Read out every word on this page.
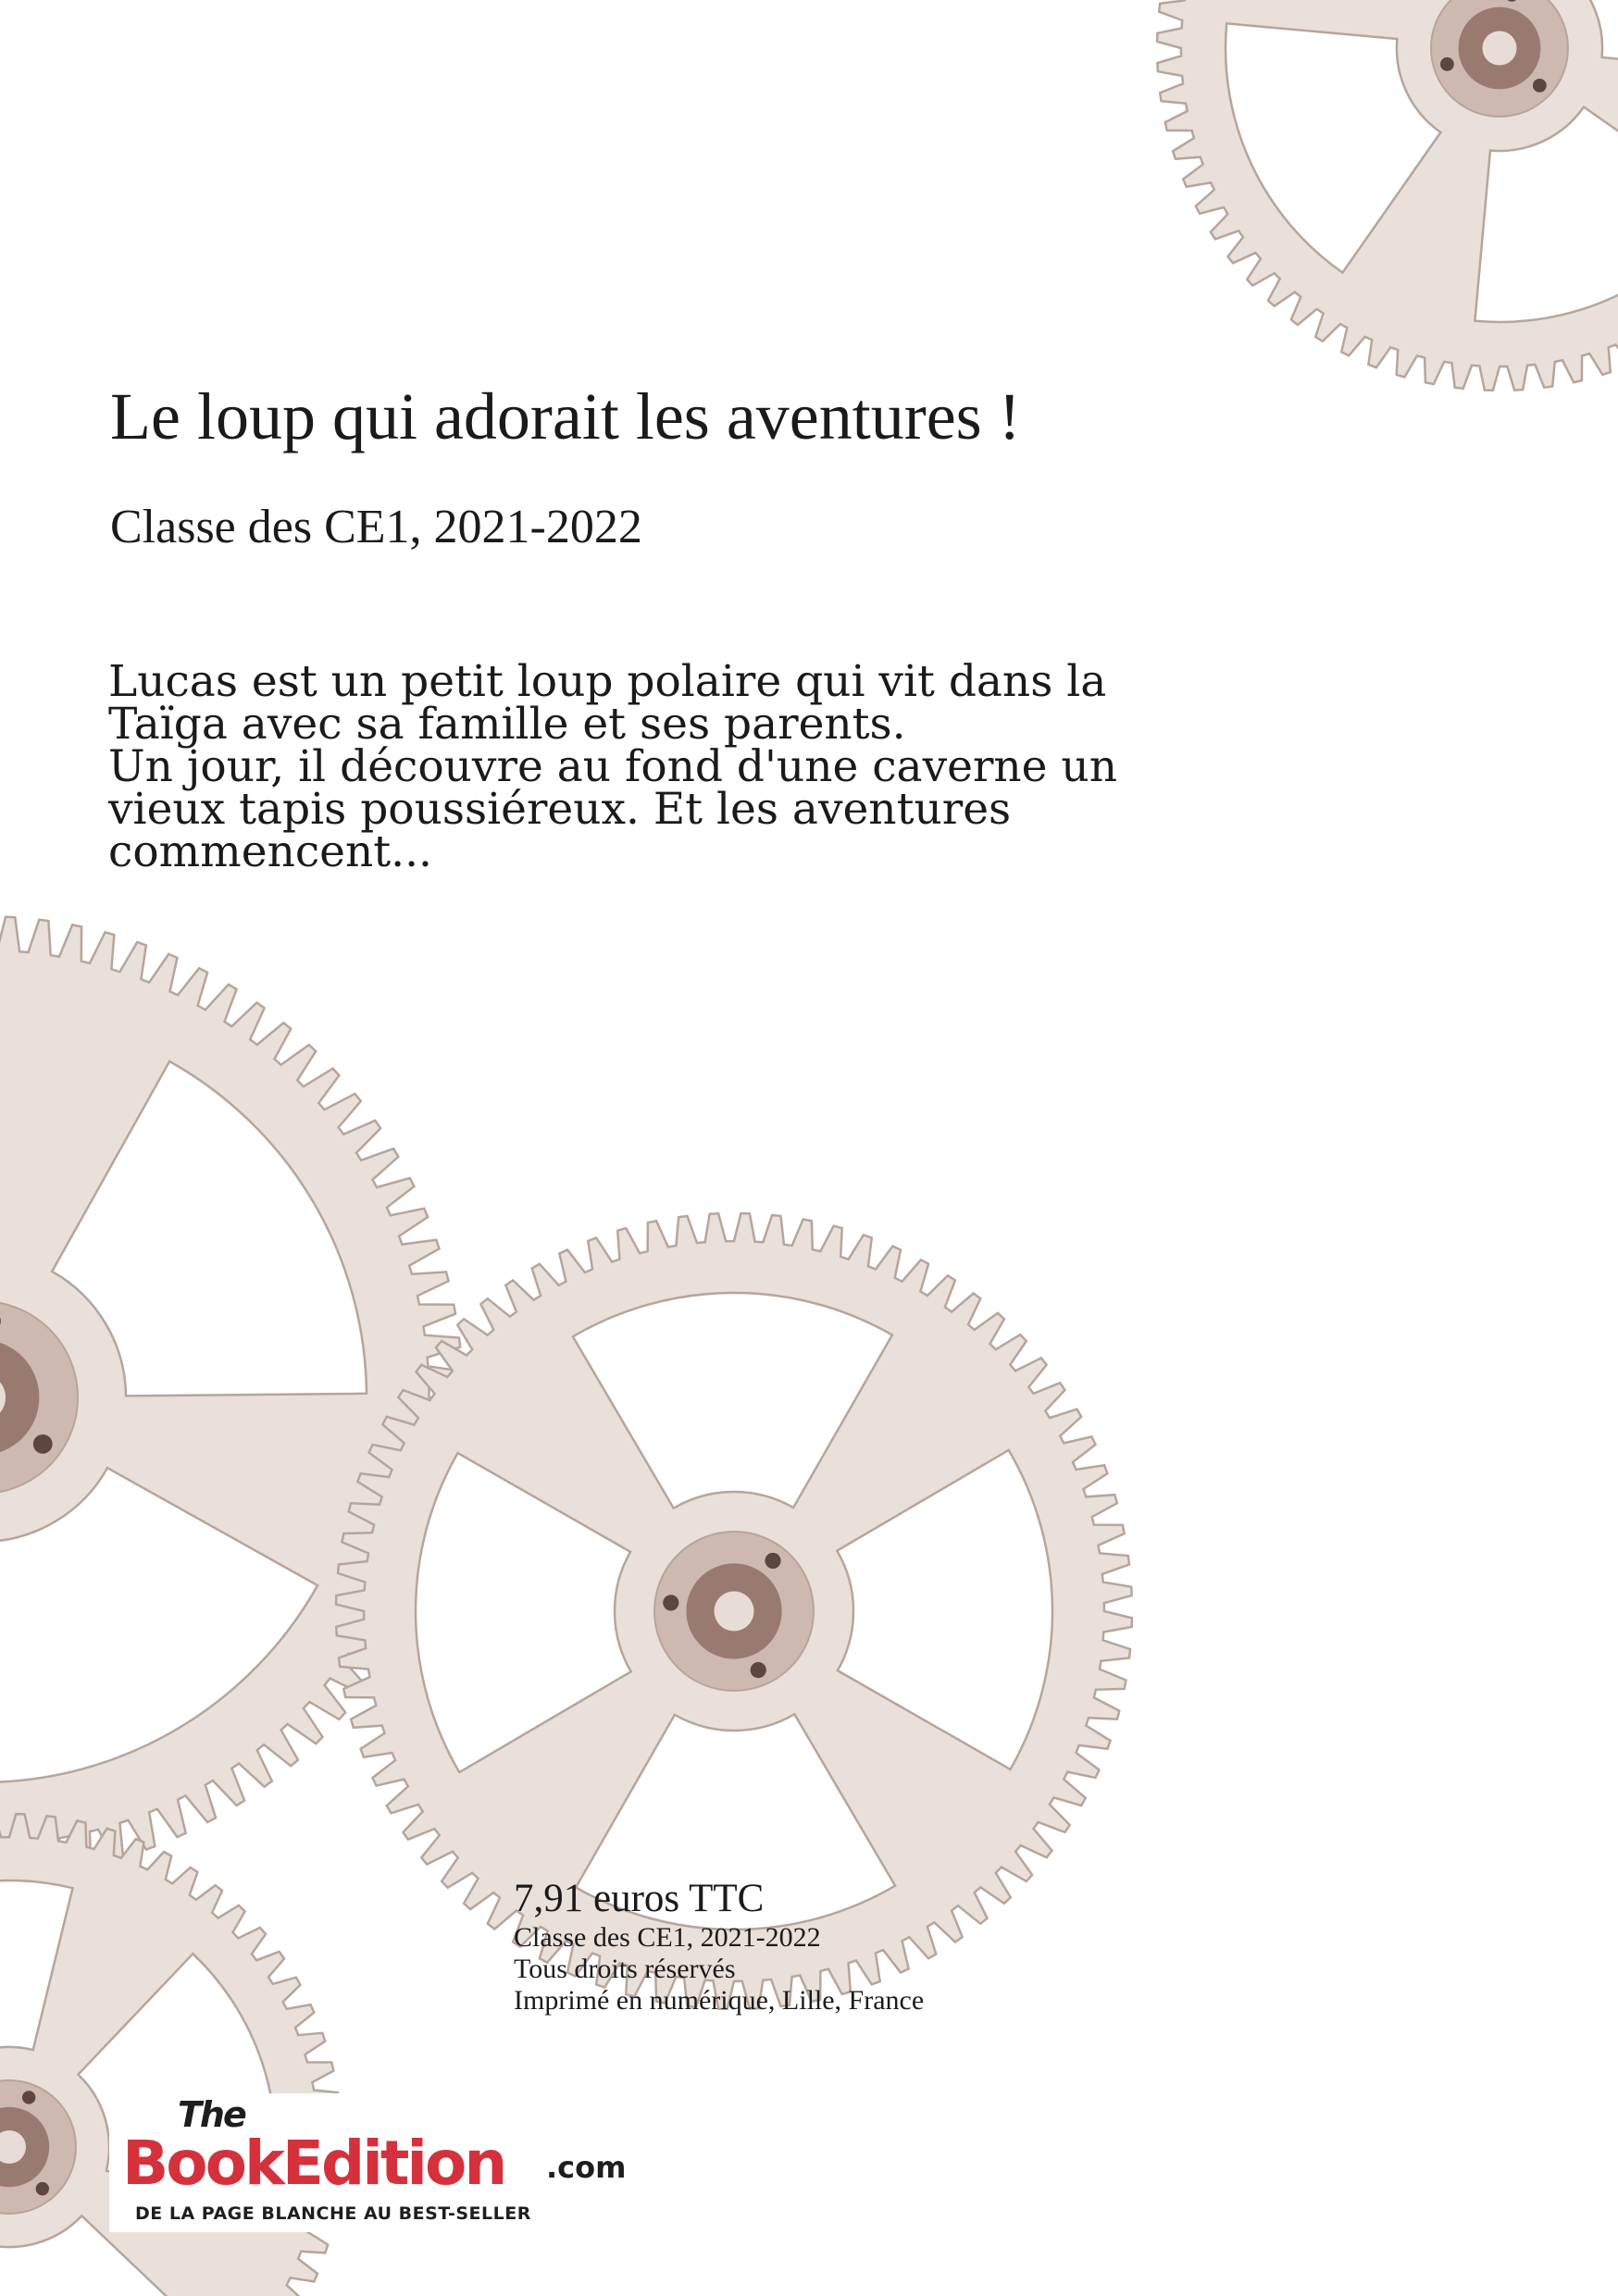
Le loup qui adorait les aventures !
Classe des CE1, 2021-2022

Lucas est un petit loup polaire qui vit dans la

Taïga avec sa famille et ses parents.

Un jour, il découvre au fond d'une caverne un

vieux tapis poussiéreux. Et les aventures

commencent...

7,91 euros TTC
Classe des CE1, 2021-2022
Tous droits réservés
Imprimé en numérique, Lille, France
The
BookEdition .com
DE LA PAGE BLANCHE AU BEST-SELLER
